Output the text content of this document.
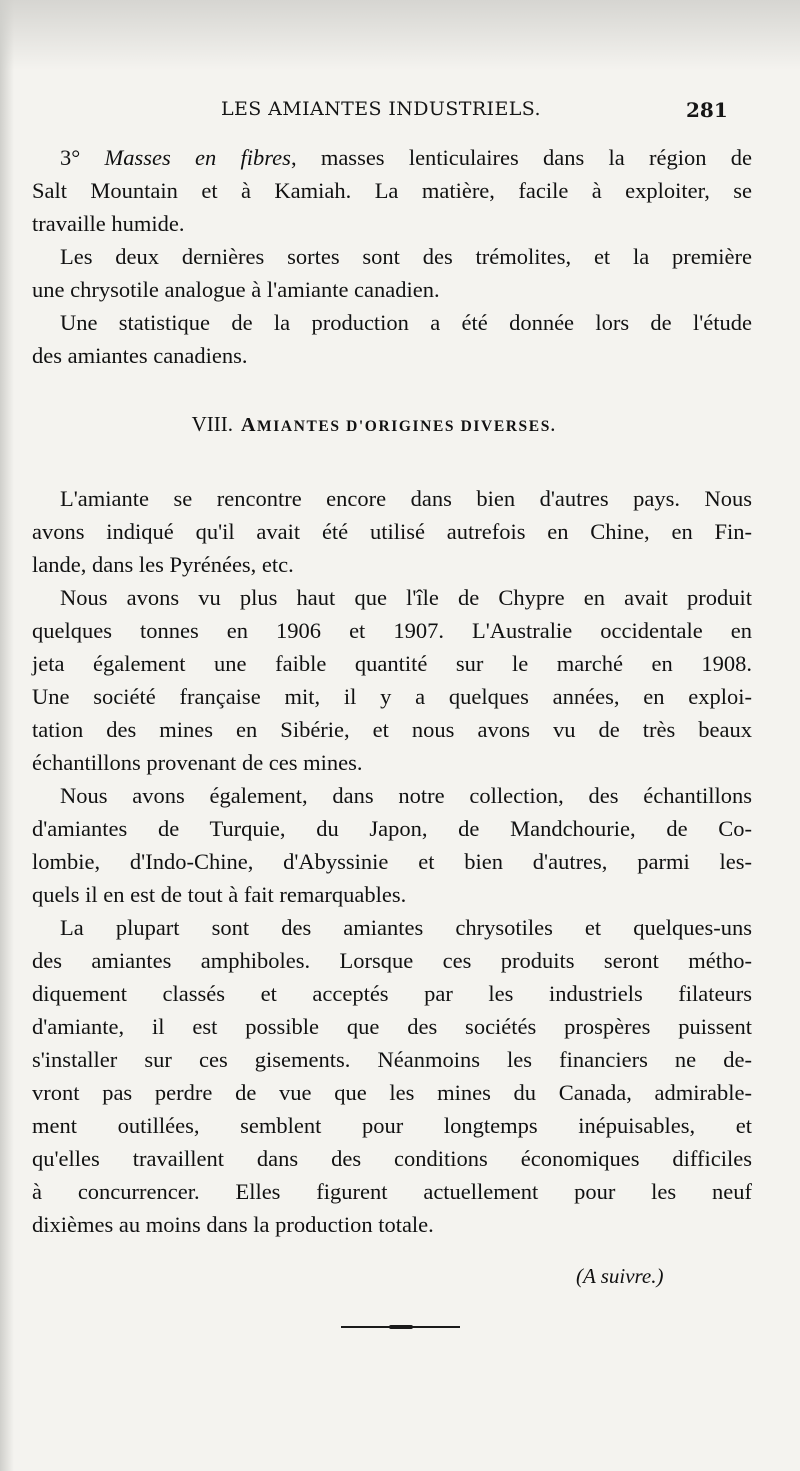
LES AMIANTES INDUSTRIELS.	281
3° Masses en fibres, masses lenticulaires dans la région de
Salt Mountain et à Kamiah. La matière, facile à exploiter, se
travaille humide.
Les deux dernières sortes sont des trémolites, et la première
une chrysotile analogue à l'amiante canadien.
Une statistique de la production a été donnée lors de l'étude
des amiantes canadiens.
VIII. AMIANTES D'ORIGINES DIVERSES.
L'amiante se rencontre encore dans bien d'autres pays. Nous
avons indiqué qu'il avait été utilisé autrefois en Chine, en Fin-
lande, dans les Pyrénées, etc.
Nous avons vu plus haut que l'île de Chypre en avait produit
quelques tonnes en 1906 et 1907. L'Australie occidentale en
jeta également une faible quantité sur le marché en 1908.
Une société française mit, il y a quelques années, en exploi-
tation des mines en Sibérie, et nous avons vu de très beaux
échantillons provenant de ces mines.
Nous avons également, dans notre collection, des échantillons
d'amiantes de Turquie, du Japon, de Mandchourie, de Co-
lombie, d'Indo-Chine, d'Abyssinie et bien d'autres, parmi les-
quels il en est de tout à fait remarquables.
La plupart sont des amiantes chrysotiles et quelques-uns
des amiantes amphiboles. Lorsque ces produits seront métho-
diquement classés et acceptés par les industriels filateurs
d'amiante, il est possible que des sociétés prospères puissent
s'installer sur ces gisements. Néanmoins les financiers ne de-
vront pas perdre de vue que les mines du Canada, admirable-
ment outillées, semblent pour longtemps inépuisables, et
qu'elles travaillent dans des conditions économiques difficiles
à concurrencer. Elles figurent actuellement pour les neuf
dixièmes au moins dans la production totale.
(A suivre.)
